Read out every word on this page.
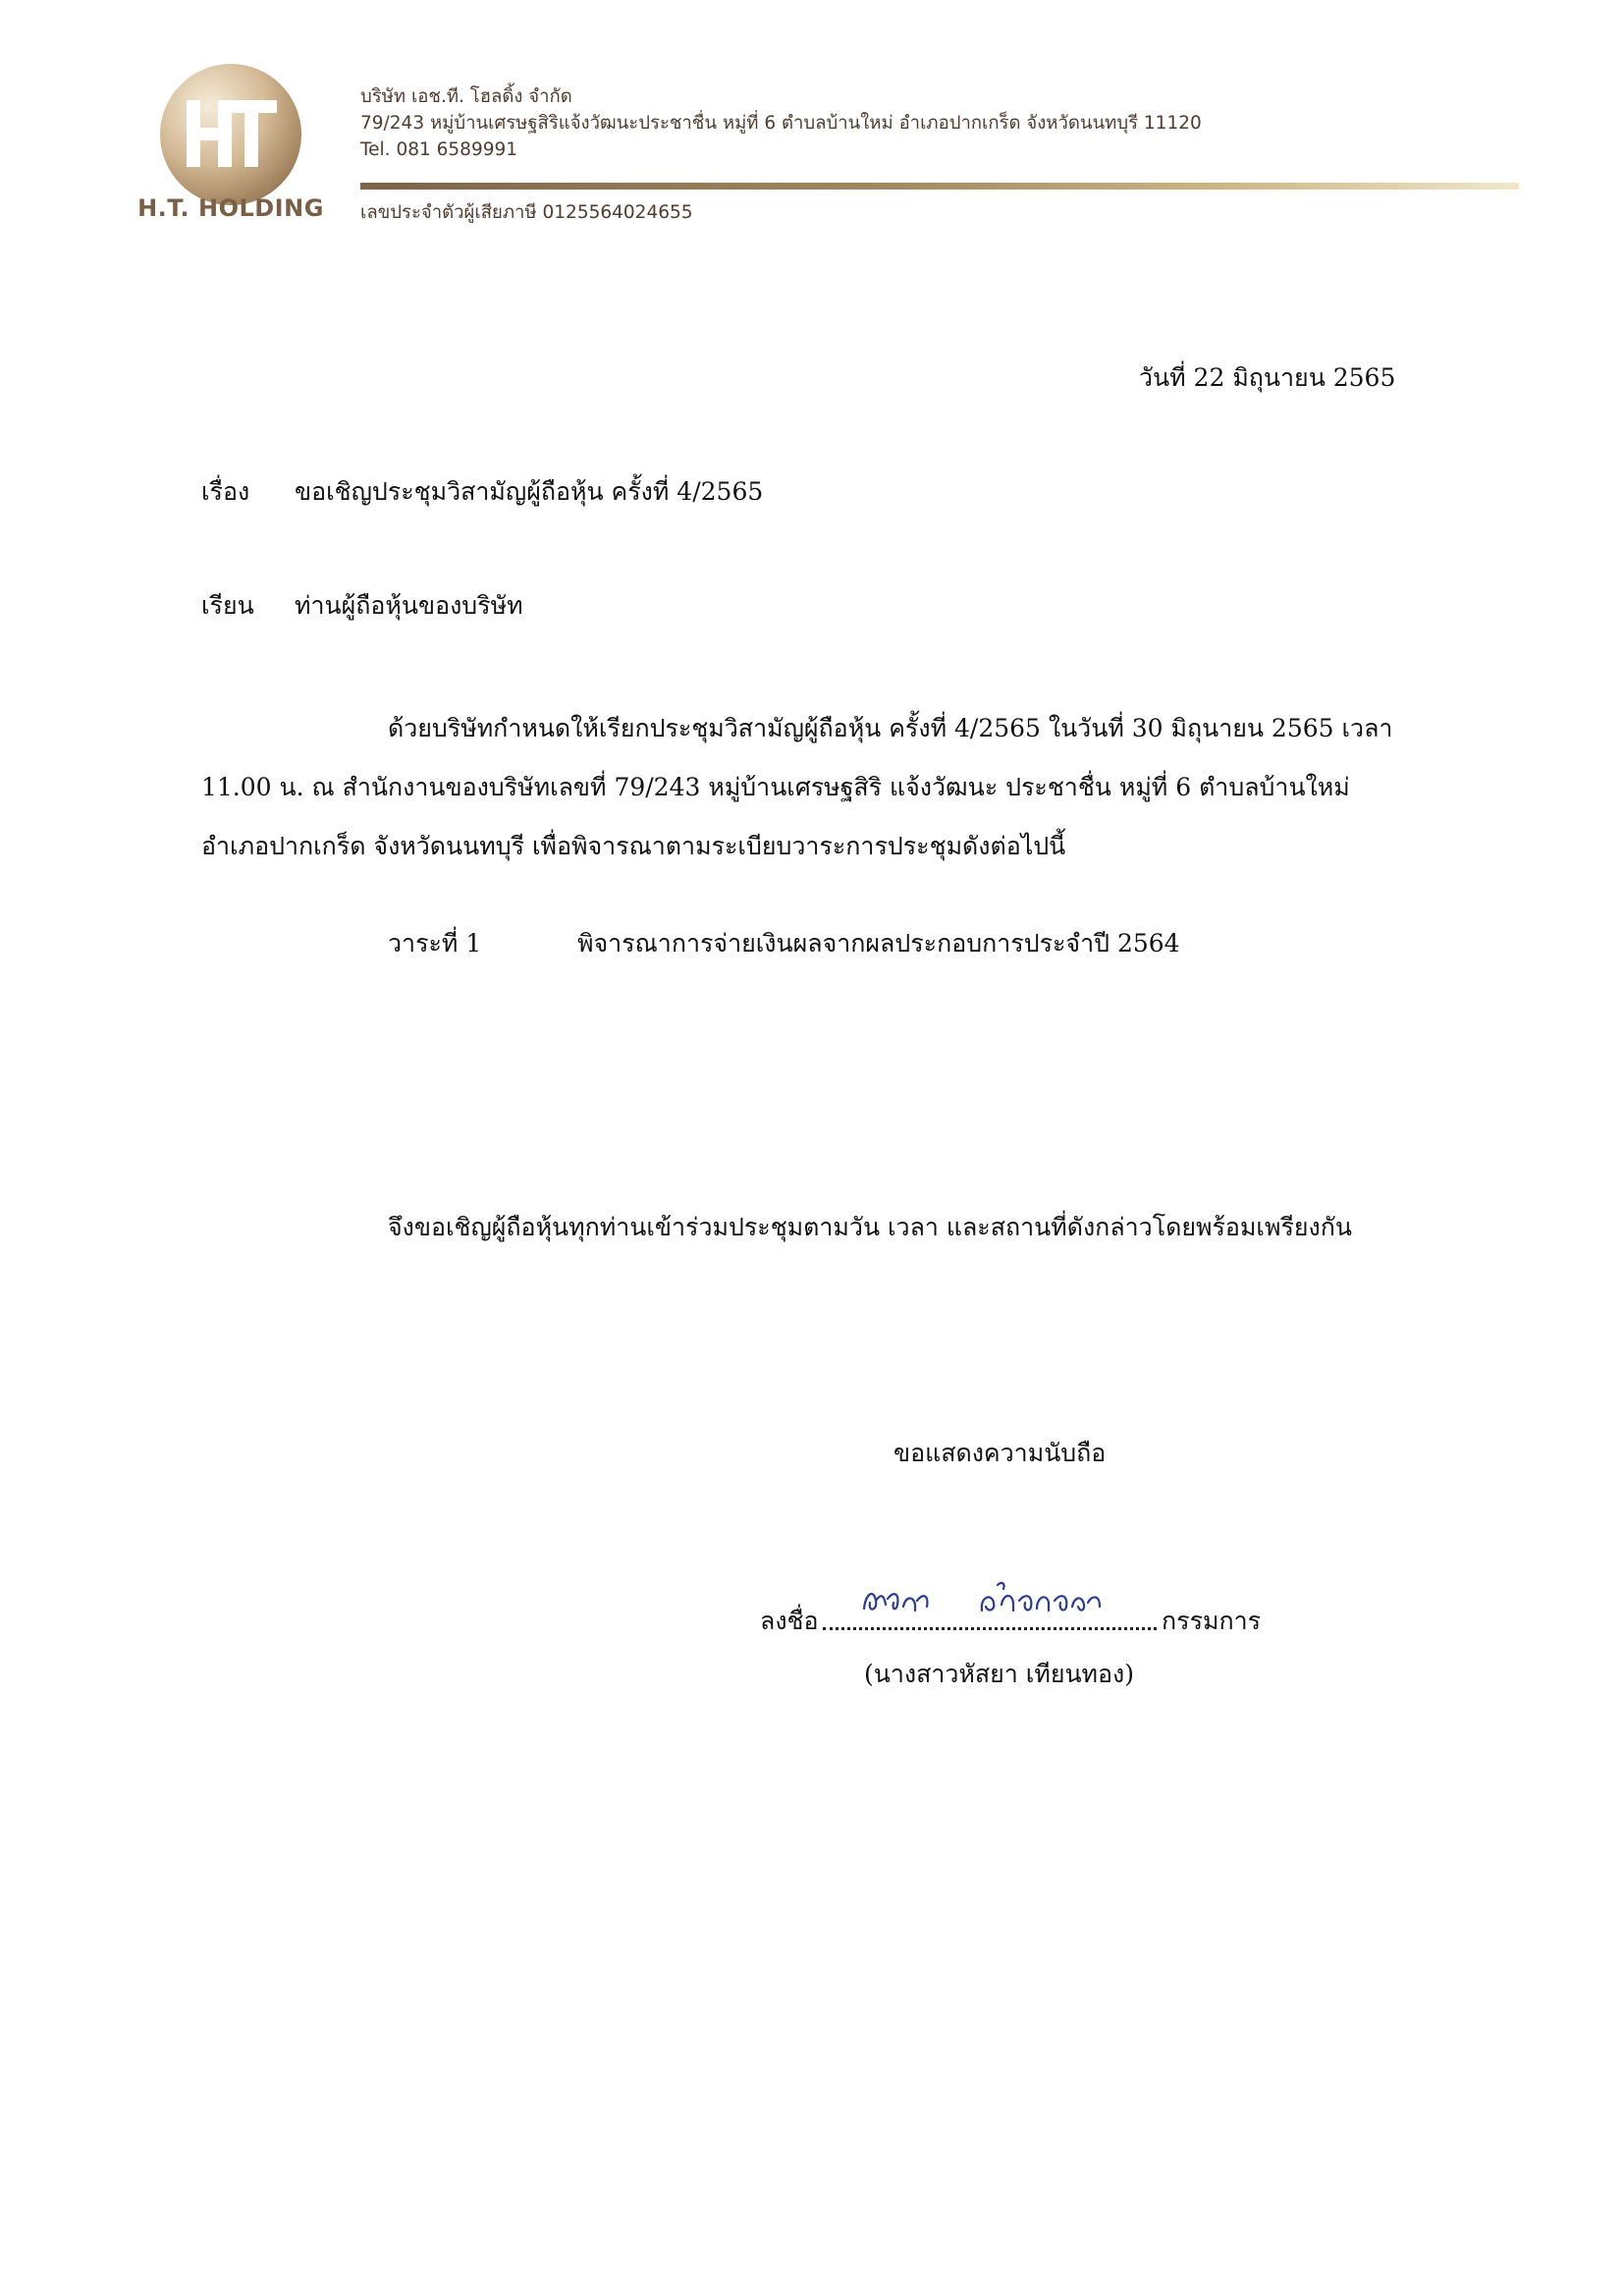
H.T. HOLDING
บริษัท เอช.ที. โฮลดิ้ง จำกัด
79/243 หมู่บ้านเศรษฐสิริแจ้งวัฒนะประชาชื่น หมู่ที่ 6 ตำบลบ้านใหม่ อำเภอปากเกร็ด จังหวัดนนทบุรี 11120
Tel. 081 6589991
เลขประจำตัวผู้เสียภาษี 0125564024655
วันที่ 22 มิถุนายน 2565
เรื่อง ขอเชิญประชุมวิสามัญผู้ถือหุ้น ครั้งที่ 4/2565
เรียน ท่านผู้ถือหุ้นของบริษัท
ด้วยบริษัทกำหนดให้เรียกประชุมวิสามัญผู้ถือหุ้น ครั้งที่ 4/2565 ในวันที่ 30 มิถุนายน 2565 เวลา
11.00 น. ณ สำนักงานของบริษัทเลขที่ 79/243 หมู่บ้านเศรษฐสิริ แจ้งวัฒนะ ประชาชื่น หมู่ที่ 6 ตำบลบ้านใหม่
อำเภอปากเกร็ด จังหวัดนนทบุรี เพื่อพิจารณาตามระเบียบวาระการประชุมดังต่อไปนี้
วาระที่ 1	พิจารณาการจ่ายเงินผลจากผลประกอบการประจำปี 2564
จึงขอเชิญผู้ถือหุ้นทุกท่านเข้าร่วมประชุมตามวัน เวลา และสถานที่ดังกล่าวโดยพร้อมเพรียงกัน
ขอแสดงความนับถือ
ลงชื่อ	กรรมการ
(นางสาวหัสยา เทียนทอง)
